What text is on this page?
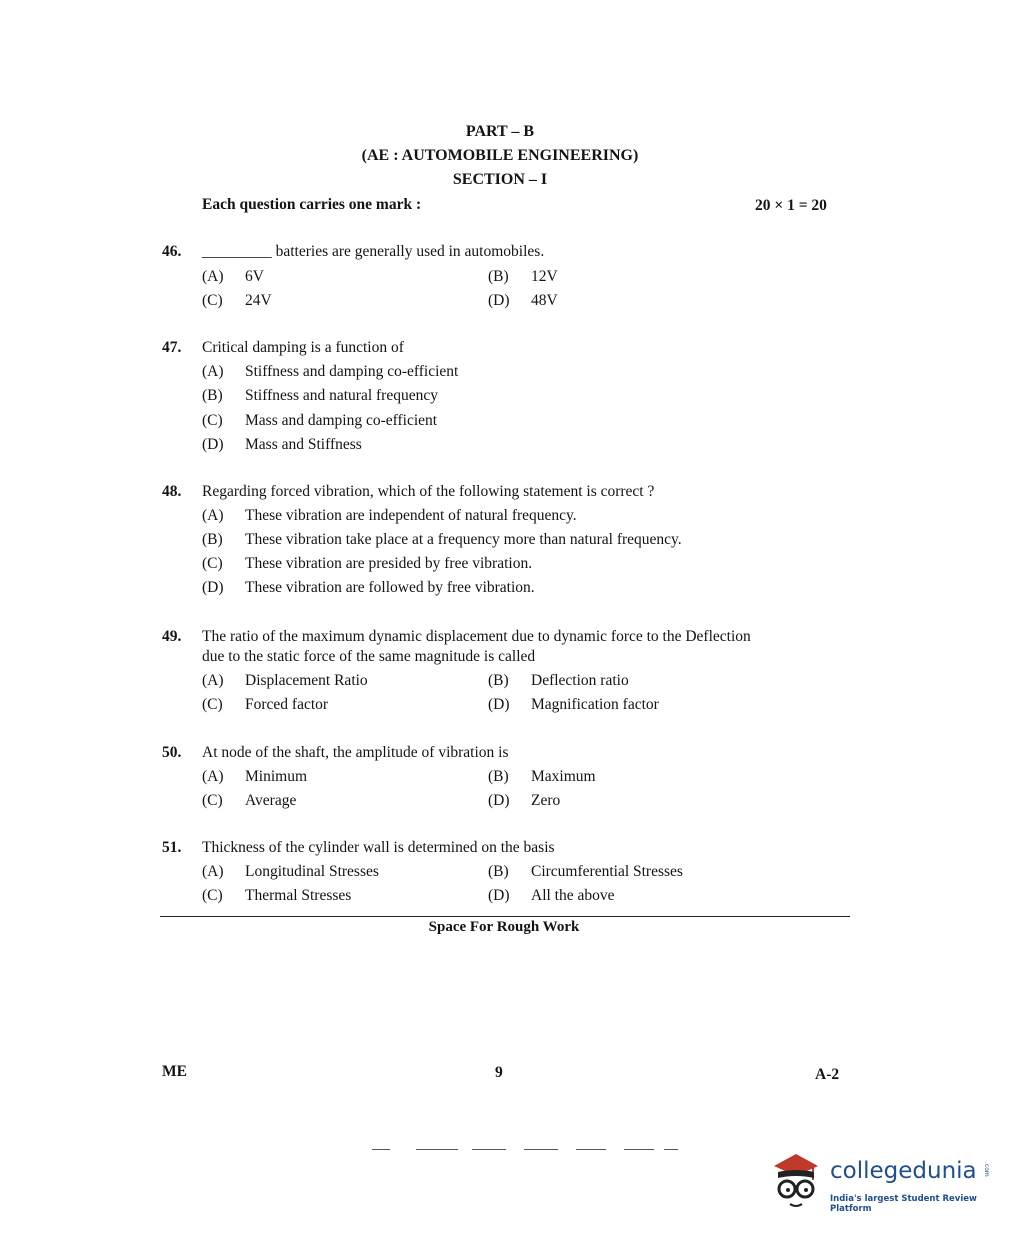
PART – B
(AE : AUTOMOBILE ENGINEERING)
SECTION – I
Each question carries one mark :	20 × 1 = 20
46. _________ batteries are generally used in automobiles.
(A) 6V	(B) 12V
(C) 24V	(D) 48V
47. Critical damping is a function of
(A) Stiffness and damping co-efficient
(B) Stiffness and natural frequency
(C) Mass and damping co-efficient
(D) Mass and Stiffness
48. Regarding forced vibration, which of the following statement is correct ?
(A) These vibration are independent of natural frequency.
(B) These vibration take place at a frequency more than natural frequency.
(C) These vibration are presided by free vibration.
(D) These vibration are followed by free vibration.
49. The ratio of the maximum dynamic displacement due to dynamic force to the Deflection
due to the static force of the same magnitude is called
(A) Displacement Ratio	(B) Deflection ratio
(C) Forced factor	(D) Magnification factor
50. At node of the shaft, the amplitude of vibration is
(A) Minimum	(B) Maximum
(C) Average	(D) Zero
51. Thickness of the cylinder wall is determined on the basis
(A) Longitudinal Stresses	(B) Circumferential Stresses
(C) Thermal Stresses	(D) All the above
Space For Rough Work
ME	9	A-2
collegedunia .com
India's largest Student Review Platform
